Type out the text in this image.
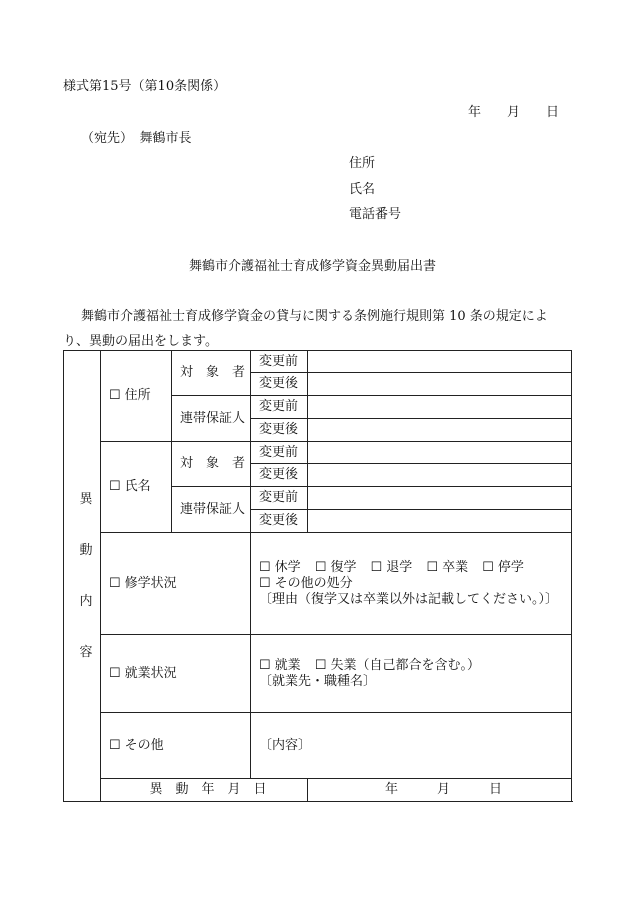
様式第15号（第10条関係）
年　　月　　日
（宛先）　舞鶴市長
住所
氏名
電話番号
舞鶴市介護福祉士育成修学資金異動届出書
舞鶴市介護福祉士育成修学資金の貸与に関する条例施行規則第 10 条の規定によ
り、異動の届出をします。
異
動
内
容	☐ 住所	対　象　者	変更前	
			変更後	
		連帯保証人	変更前	
			変更後	
	☐ 氏名	対　象　者	変更前	
			変更後	
		連帯保証人	変更前	
			変更後	
	☐ 修学状況		☐ 休学 ☐ 復学 ☐ 退学 ☐ 卒業 ☐ 停学
☐ その他の処分
〔理由（復学又は卒業以外は記載してください。）〕	

	☐ 就業状況		☐ 就業 ☐ 失業（自己都合を含む。）
〔就業先・職種名〕	

	☐ その他		〔内容〕	

	異　動　年　月　日			年　　　月　　　日
